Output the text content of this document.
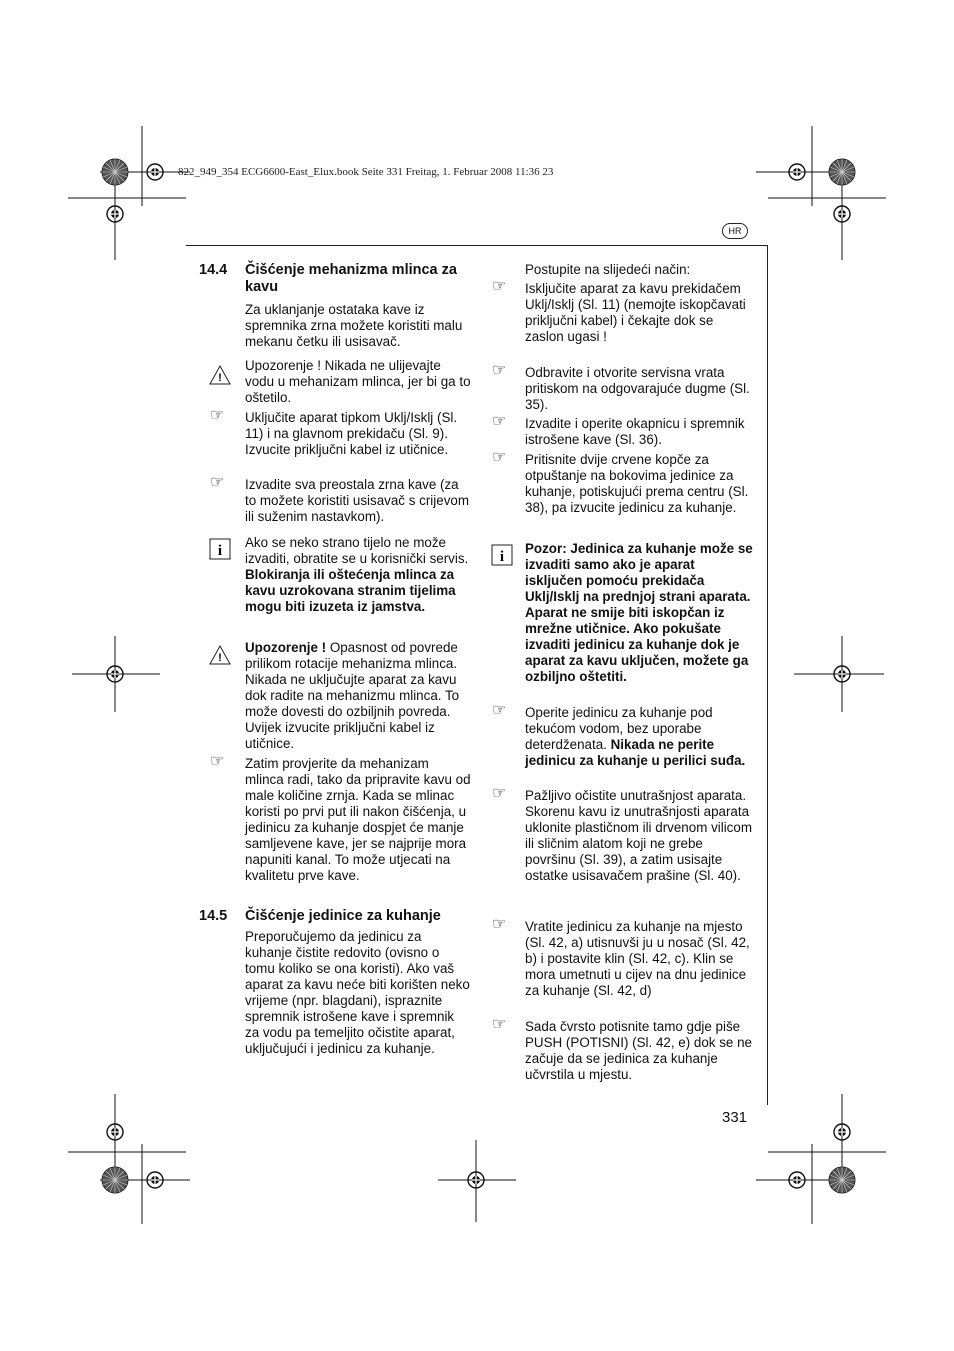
822_949_354 ECG6600-East_Elux.book Seite 331 Freitag, 1. Februar 2008 11:36 23
HR
14.4 Čišćenje mehanizma mlinca za kavu
Za uklanjanje ostataka kave iz spremnika zrna možete koristiti malu mekanu četku ili usisavač.
!
Upozorenje ! Nikada ne ulijevajte vodu u mehanizam mlinca, jer bi ga to oštetilo.
☞ Uključite aparat tipkom Uklj/Isklj (Sl. 11) i na glavnom prekidaču (Sl. 9). Izvucite priključni kabel iz utičnice.
☞ Izvadite sva preostala zrna kave (za to možete koristiti usisavač s crijevom ili suženim nastavkom).
i
Ako se neko strano tijelo ne može izvaditi, obratite se u korisnički servis. Blokiranja ili oštećenja mlinca za kavu uzrokovana stranim tijelima mogu biti izuzeta iz jamstva.
!
Upozorenje ! Opasnost od povrede prilikom rotacije mehanizma mlinca. Nikada ne uključujte aparat za kavu dok radite na mehanizmu mlinca. To može dovesti do ozbiljnih povreda. Uvijek izvucite priključni kabel iz utičnice.
☞ Zatim provjerite da mehanizam mlinca radi, tako da pripravite kavu od male količine zrnja. Kada se mlinac koristi po prvi put ili nakon čišćenja, u jedinicu za kuhanje dospjet će manje samljevene kave, jer se najprije mora napuniti kanal. To može utjecati na kvalitetu prve kave.
14.5 Čišćenje jedinice za kuhanje
Preporučujemo da jedinicu za kuhanje čistite redovito (ovisno o tomu koliko se ona koristi). Ako vaš aparat za kavu neće biti korišten neko vrijeme (npr. blagdani), ispraznite spremnik istrošene kave i spremnik za vodu pa temeljito očistite aparat, uključujući i jedinicu za kuhanje.
Postupite na slijedeći način:
☞ Isključite aparat za kavu prekidačem Uklj/Isklj (Sl. 11) (nemojte iskopčavati priključni kabel) i čekajte dok se zaslon ugasi !
☞ Odbravite i otvorite servisna vrata pritiskom na odgovarajuće dugme (Sl. 35).
☞ Izvadite i operite okapnicu i spremnik istrošene kave (Sl. 36).
☞ Pritisnite dvije crvene kopče za otpuštanje na bokovima jedinice za kuhanje, potiskujući prema centru (Sl. 38), pa izvucite jedinicu za kuhanje.
i
Pozor: Jedinica za kuhanje može se izvaditi samo ako je aparat isključen pomoću prekidača Uklj/Isklj na prednjoj strani aparata. Aparat ne smije biti iskopčan iz mrežne utičnice. Ako pokušate izvaditi jedinicu za kuhanje dok je aparat za kavu uključen, možete ga ozbiljno oštetiti.
☞ Operite jedinicu za kuhanje pod tekućom vodom, bez uporabe deterdženata. Nikada ne perite jedinicu za kuhanje u perilici suđa.
☞ Pažljivo očistite unutrašnjost aparata. Skorenu kavu iz unutrašnjosti aparata uklonite plastičnom ili drvenom vilicom ili sličnim alatom koji ne grebe površinu (Sl. 39), a zatim usisajte ostatke usisavačem prašine (Sl. 40).
☞ Vratite jedinicu za kuhanje na mjesto (Sl. 42, a) utisnuvši ju u nosač (Sl. 42, b) i postavite klin (Sl. 42, c). Klin se mora umetnuti u cijev na dnu jedinice za kuhanje (Sl. 42, d)
☞ Sada čvrsto potisnite tamo gdje piše PUSH (POTISNI) (Sl. 42, e) dok se ne začuje da se jedinica za kuhanje učvrstila u mjestu.
331
